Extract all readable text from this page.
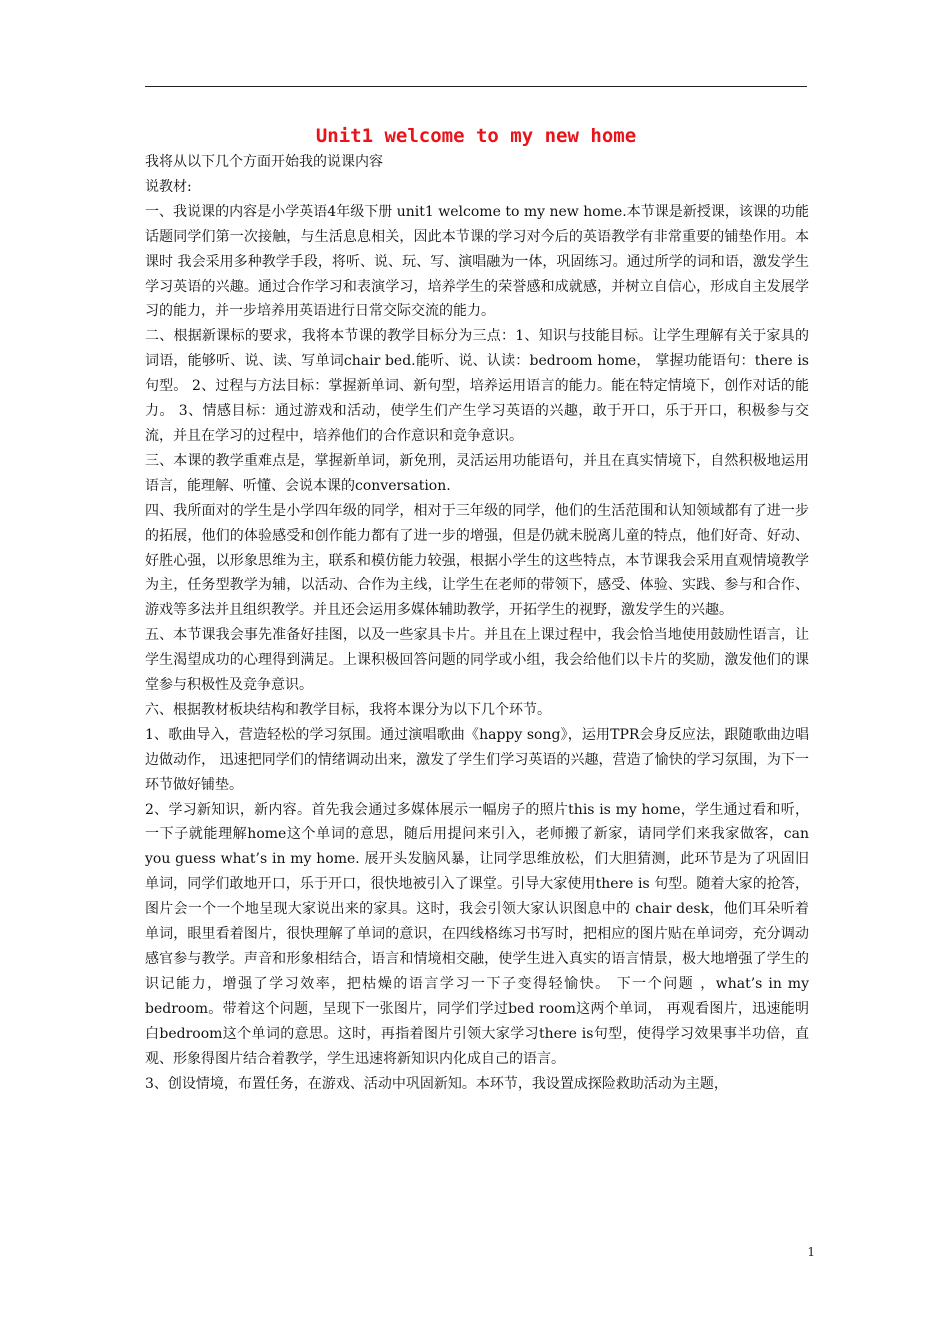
Unit1 welcome to my new home

我将从以下几个方面开始我的说课内容

说教材:

一、我说课的内容是小学英语4年级下册 unit1 welcome to my new home.本节课是新授课，该课的功能话题同学们第一次接触，与生活息息相关，因此本节课的学习对今后的英语教学有非常重要的铺垫作用。本课时 我会采用多种教学手段，将听、说、玩、写、演唱融为一体，巩固练习。通过所学的词和语，激发学生学习英语的兴趣。通过合作学习和表演学习，培养学生的荣誉感和成就感，并树立自信心，形成自主发展学习的能力，并一步培养用英语进行日常交际交流的能力。

二、根据新课标的要求，我将本节课的教学目标分为三点：1、知识与技能目标。让学生理解有关于家具的词语，能够听、说、读、写单词chair bed.能听、说、认读：bedroom home， 掌握功能语句：there is 句型。 2、过程与方法目标：掌握新单词、新句型，培养运用语言的能力。能在特定情境下，创作对话的能力。 3、情感目标：通过游戏和活动，使学生们产生学习英语的兴趣，敢于开口，乐于开口，积极参与交流，并且在学习的过程中，培养他们的合作意识和竞争意识。

三、本课的教学重难点是，掌握新单词，新免刑，灵活运用功能语句，并且在真实情境下，自然积极地运用语言，能理解、听懂、会说本课的conversation.

四、我所面对的学生是小学四年级的同学，相对于三年级的同学，他们的生活范围和认知领域都有了进一步的拓展，他们的体验感受和创作能力都有了进一步的增强，但是仍就未脱离儿童的特点，他们好奇、好动、好胜心强，以形象思维为主，联系和模仿能力较强，根据小学生的这些特点，本节课我会采用直观情境教学为主，任务型教学为辅，以活动、合作为主线，让学生在老师的带领下，感受、体验、实践、参与和合作、游戏等多法并且组织教学。并且还会运用多媒体辅助教学，开拓学生的视野，激发学生的兴趣。

五、本节课我会事先准备好挂图，以及一些家具卡片。并且在上课过程中，我会恰当地使用鼓励性语言，让学生渴望成功的心理得到满足。上课积极回答问题的同学或小组，我会给他们以卡片的奖励，激发他们的课堂参与积极性及竞争意识。

六、根据教材板块结构和教学目标，我将本课分为以下几个环节。

1、歌曲导入，营造轻松的学习氛围。通过演唱歌曲《happy song》，运用TPR会身反应法，跟随歌曲边唱边做动作， 迅速把同学们的情绪调动出来，激发了学生们学习英语的兴趣，营造了愉快的学习氛围，为下一环节做好铺垫。

2、学习新知识，新内容。首先我会通过多媒体展示一幅房子的照片this is my home，学生通过看和听，一下子就能理解home这个单词的意思，随后用提问来引入，老师搬了新家，请同学们来我家做客，can you guess what’s in my home. 展开头发脑风暴，让同学思维放松，们大胆猜测，此环节是为了巩固旧单词，同学们敢地开口，乐于开口，很快地被引入了课堂。引导大家使用there is 句型。随着大家的抢答，图片会一个一个地呈现大家说出来的家具。这时，我会引领大家认识图息中的 chair desk，他们耳朵听着单词，眼里看着图片，很快理解了单词的意识，在四线格练习书写时，把相应的图片贴在单词旁，充分调动感官参与教学。声音和形象相结合，语言和情境相交融，使学生进入真实的语言情景，极大地增强了学生的识记能力，增强了学习效率，把枯燥的语言学习一下子变得轻愉快。 下一个问题 ，what’s in my bedroom。带着这个问题，呈现下一张图片，同学们学过bed room这两个单词， 再观看图片，迅速能明白bedroom这个单词的意思。这时，再指着图片引领大家学习there is句型，使得学习效果事半功倍，直观、形象得图片结合着教学，学生迅速将新知识内化成自己的语言。

3、创设情境，布置任务，在游戏、活动中巩固新知。本环节，我设置成探险救助活动为主题，

1
